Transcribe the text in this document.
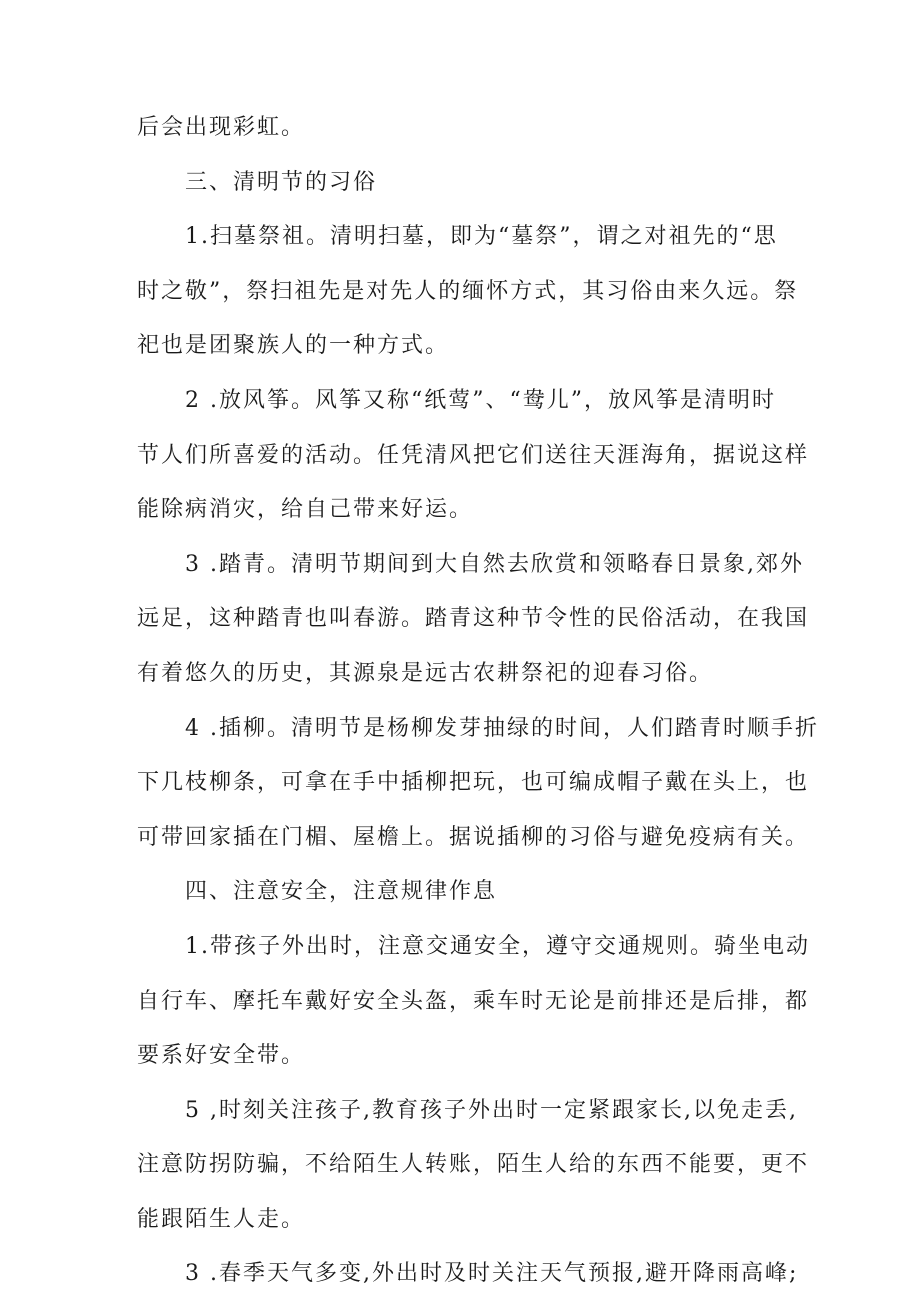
后会出现彩虹。
三、清明节的习俗
1.扫墓祭祖。清明扫墓，即为“墓祭”，谓之对祖先的“思
时之敬”，祭扫祖先是对先人的缅怀方式，其习俗由来久远。祭
祀也是团聚族人的一种方式。
2 .放风筝。风筝又称“纸莺”、“鸯儿”，放风筝是清明时
节人们所喜爱的活动。任凭清风把它们送往天涯海角，据说这样
能除病消灾，给自己带来好运。
3 .踏青。清明节期间到大自然去欣赏和领略春日景象,郊外
远足，这种踏青也叫春游。踏青这种节令性的民俗活动，在我国
有着悠久的历史，其源泉是远古农耕祭祀的迎春习俗。
4 .插柳。清明节是杨柳发芽抽绿的时间，人们踏青时顺手折
下几枝柳条，可拿在手中插柳把玩，也可编成帽子戴在头上，也
可带回家插在门楣、屋檐上。据说插柳的习俗与避免疫病有关。
四、注意安全，注意规律作息
1.带孩子外出时，注意交通安全，遵守交通规则。骑坐电动
自行车、摩托车戴好安全头盔，乘车时无论是前排还是后排，都
要系好安全带。
5 ,时刻关注孩子,教育孩子外出时一定紧跟家长,以免走丢,
注意防拐防骗，不给陌生人转账，陌生人给的东西不能要，更不
能跟陌生人走。
3 .春季天气多变,外出时及时关注天气预报,避开降雨高峰;
